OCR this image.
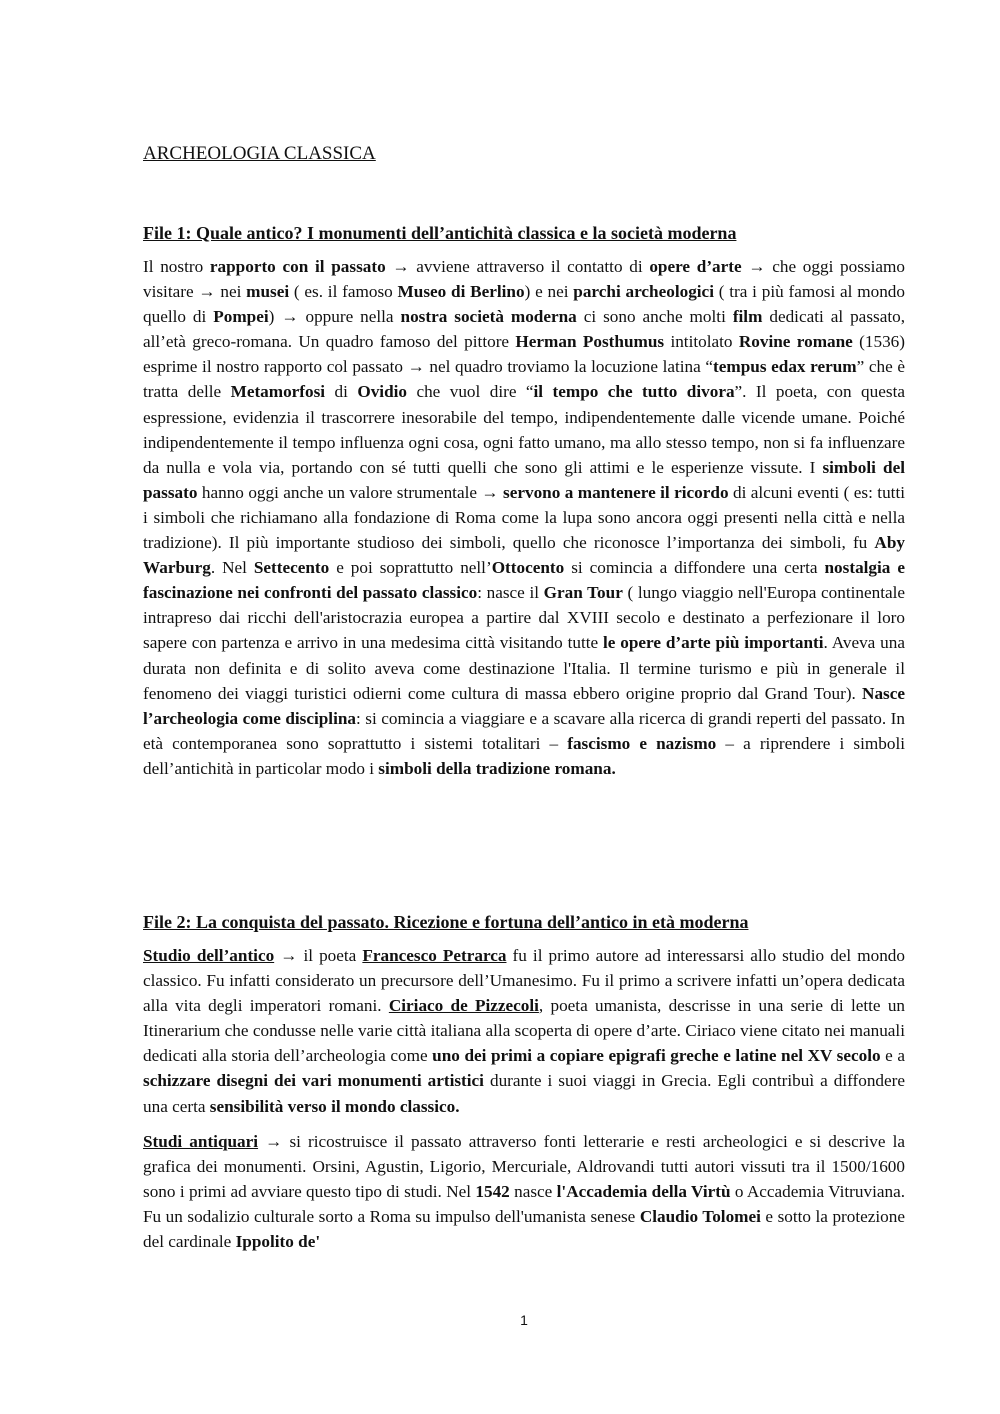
ARCHEOLOGIA CLASSICA
File 1: Quale antico? I monumenti dell’antichità classica e la società moderna

Il nostro rapporto con il passato → avviene attraverso il contatto di opere d’arte → che oggi possiamo visitare → nei musei ( es. il famoso Museo di Berlino) e nei parchi archeologici ( tra i più famosi al mondo quello di Pompei) → oppure nella nostra società moderna ci sono anche molti film dedicati al passato, all’età greco-romana. Un quadro famoso del pittore Herman Posthumus intitolato Rovine romane (1536) esprime il nostro rapporto col passato → nel quadro troviamo la locuzione latina “tempus edax rerum” che è tratta delle Metamorfosi di Ovidio che vuol dire “il tempo che tutto divora”. Il poeta, con questa espressione, evidenzia il trascorrere inesorabile del tempo, indipendentemente dalle vicende umane. Poiché indipendentemente il tempo influenza ogni cosa, ogni fatto umano, ma allo stesso tempo, non si fa influenzare da nulla e vola via, portando con sé tutti quelli che sono gli attimi e le esperienze vissute. I simboli del passato hanno oggi anche un valore strumentale → servono a mantenere il ricordo di alcuni eventi ( es: tutti i simboli che richiamano alla fondazione di Roma come la lupa sono ancora oggi presenti nella città e nella tradizione). Il più importante studioso dei simboli, quello che riconosce l’importanza dei simboli, fu Aby Warburg. Nel Settecento e poi soprattutto nell’Ottocento si comincia a diffondere una certa nostalgia e fascinazione nei confronti del passato classico: nasce il Gran Tour ( lungo viaggio nell'Europa continentale intrapreso dai ricchi dell'aristocrazia europea a partire dal XVIII secolo e destinato a perfezionare il loro sapere con partenza e arrivo in una medesima città visitando tutte le opere d’arte più importanti. Aveva una durata non definita e di solito aveva come destinazione l'Italia. Il termine turismo e più in generale il fenomeno dei viaggi turistici odierni come cultura di massa ebbero origine proprio dal Grand Tour). Nasce l’archeologia come disciplina: si comincia a viaggiare e a scavare alla ricerca di grandi reperti del passato. In età contemporanea sono soprattutto i sistemi totalitari – fascismo e nazismo – a riprendere i simboli dell’antichità in particolar modo i simboli della tradizione romana.

File 2: La conquista del passato. Ricezione e fortuna dell’antico in età moderna

Studio dell’antico → il poeta Francesco Petrarca fu il primo autore ad interessarsi allo studio del mondo classico. Fu infatti considerato un precursore dell’Umanesimo. Fu il primo a scrivere infatti un’opera dedicata alla vita degli imperatori romani. Ciriaco de Pizzecoli, poeta umanista, descrisse in una serie di lette un Itinerarium che condusse nelle varie città italiana alla scoperta di opere d’arte. Ciriaco viene citato nei manuali dedicati alla storia dell’archeologia come uno dei primi a copiare epigrafi greche e latine nel XV secolo e a schizzare disegni dei vari monumenti artistici durante i suoi viaggi in Grecia. Egli contribuì a diffondere una certa sensibilità verso il mondo classico.

Studi antiquari → si ricostruisce il passato attraverso fonti letterarie e resti archeologici e si descrive la grafica dei monumenti. Orsini, Agustin, Ligorio, Mercuriale, Aldrovandi tutti autori vissuti tra il 1500/1600 sono i primi ad avviare questo tipo di studi. Nel 1542 nasce l'Accademia della Virtù o Accademia Vitruviana. Fu un sodalizio culturale sorto a Roma su impulso dell'umanista senese Claudio Tolomei e sotto la protezione del cardinale Ippolito de'

1
